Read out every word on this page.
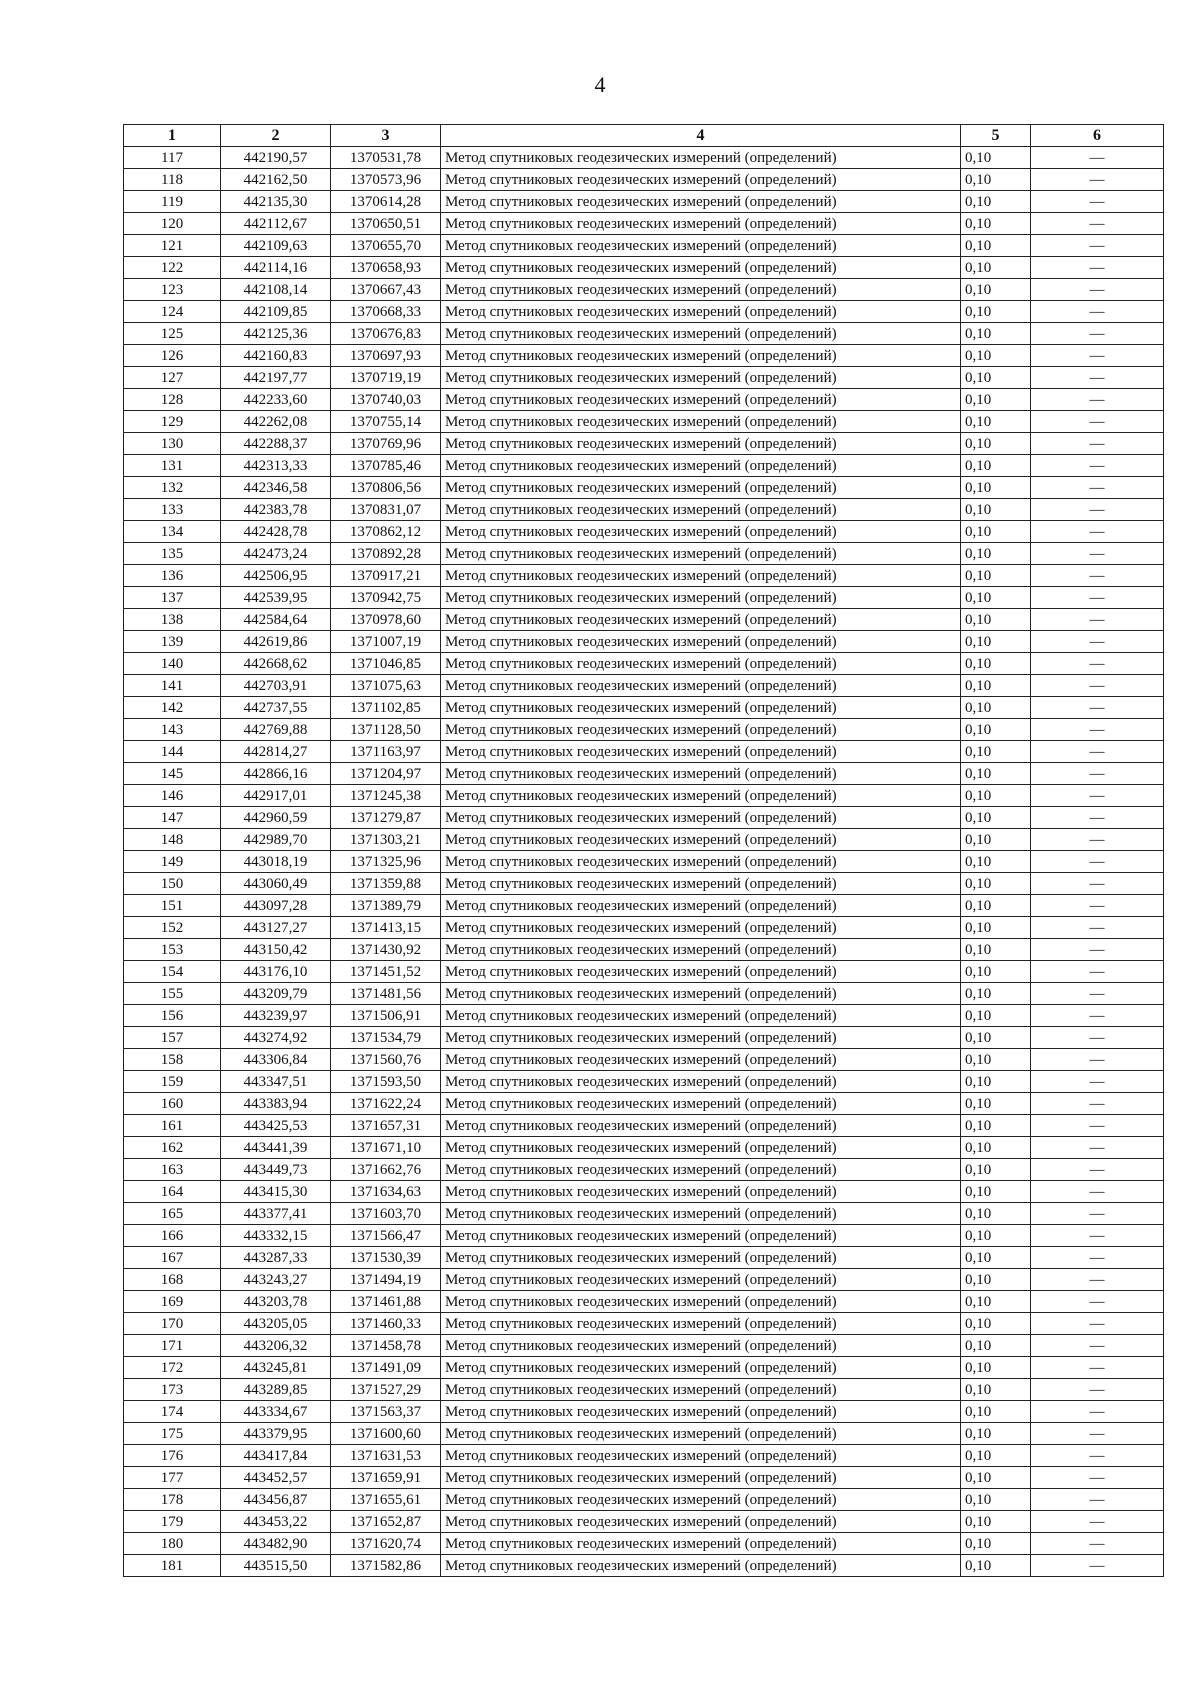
4
1	2	3	4	5	6
117	442190,57	1370531,78	Метод спутниковых геодезических измерений (определений)	0,10	—
118	442162,50	1370573,96	Метод спутниковых геодезических измерений (определений)	0,10	—
119	442135,30	1370614,28	Метод спутниковых геодезических измерений (определений)	0,10	—
120	442112,67	1370650,51	Метод спутниковых геодезических измерений (определений)	0,10	—
121	442109,63	1370655,70	Метод спутниковых геодезических измерений (определений)	0,10	—
122	442114,16	1370658,93	Метод спутниковых геодезических измерений (определений)	0,10	—
123	442108,14	1370667,43	Метод спутниковых геодезических измерений (определений)	0,10	—
124	442109,85	1370668,33	Метод спутниковых геодезических измерений (определений)	0,10	—
125	442125,36	1370676,83	Метод спутниковых геодезических измерений (определений)	0,10	—
126	442160,83	1370697,93	Метод спутниковых геодезических измерений (определений)	0,10	—
127	442197,77	1370719,19	Метод спутниковых геодезических измерений (определений)	0,10	—
128	442233,60	1370740,03	Метод спутниковых геодезических измерений (определений)	0,10	—
129	442262,08	1370755,14	Метод спутниковых геодезических измерений (определений)	0,10	—
130	442288,37	1370769,96	Метод спутниковых геодезических измерений (определений)	0,10	—
131	442313,33	1370785,46	Метод спутниковых геодезических измерений (определений)	0,10	—
132	442346,58	1370806,56	Метод спутниковых геодезических измерений (определений)	0,10	—
133	442383,78	1370831,07	Метод спутниковых геодезических измерений (определений)	0,10	—
134	442428,78	1370862,12	Метод спутниковых геодезических измерений (определений)	0,10	—
135	442473,24	1370892,28	Метод спутниковых геодезических измерений (определений)	0,10	—
136	442506,95	1370917,21	Метод спутниковых геодезических измерений (определений)	0,10	—
137	442539,95	1370942,75	Метод спутниковых геодезических измерений (определений)	0,10	—
138	442584,64	1370978,60	Метод спутниковых геодезических измерений (определений)	0,10	—
139	442619,86	1371007,19	Метод спутниковых геодезических измерений (определений)	0,10	—
140	442668,62	1371046,85	Метод спутниковых геодезических измерений (определений)	0,10	—
141	442703,91	1371075,63	Метод спутниковых геодезических измерений (определений)	0,10	—
142	442737,55	1371102,85	Метод спутниковых геодезических измерений (определений)	0,10	—
143	442769,88	1371128,50	Метод спутниковых геодезических измерений (определений)	0,10	—
144	442814,27	1371163,97	Метод спутниковых геодезических измерений (определений)	0,10	—
145	442866,16	1371204,97	Метод спутниковых геодезических измерений (определений)	0,10	—
146	442917,01	1371245,38	Метод спутниковых геодезических измерений (определений)	0,10	—
147	442960,59	1371279,87	Метод спутниковых геодезических измерений (определений)	0,10	—
148	442989,70	1371303,21	Метод спутниковых геодезических измерений (определений)	0,10	—
149	443018,19	1371325,96	Метод спутниковых геодезических измерений (определений)	0,10	—
150	443060,49	1371359,88	Метод спутниковых геодезических измерений (определений)	0,10	—
151	443097,28	1371389,79	Метод спутниковых геодезических измерений (определений)	0,10	—
152	443127,27	1371413,15	Метод спутниковых геодезических измерений (определений)	0,10	—
153	443150,42	1371430,92	Метод спутниковых геодезических измерений (определений)	0,10	—
154	443176,10	1371451,52	Метод спутниковых геодезических измерений (определений)	0,10	—
155	443209,79	1371481,56	Метод спутниковых геодезических измерений (определений)	0,10	—
156	443239,97	1371506,91	Метод спутниковых геодезических измерений (определений)	0,10	—
157	443274,92	1371534,79	Метод спутниковых геодезических измерений (определений)	0,10	—
158	443306,84	1371560,76	Метод спутниковых геодезических измерений (определений)	0,10	—
159	443347,51	1371593,50	Метод спутниковых геодезических измерений (определений)	0,10	—
160	443383,94	1371622,24	Метод спутниковых геодезических измерений (определений)	0,10	—
161	443425,53	1371657,31	Метод спутниковых геодезических измерений (определений)	0,10	—
162	443441,39	1371671,10	Метод спутниковых геодезических измерений (определений)	0,10	—
163	443449,73	1371662,76	Метод спутниковых геодезических измерений (определений)	0,10	—
164	443415,30	1371634,63	Метод спутниковых геодезических измерений (определений)	0,10	—
165	443377,41	1371603,70	Метод спутниковых геодезических измерений (определений)	0,10	—
166	443332,15	1371566,47	Метод спутниковых геодезических измерений (определений)	0,10	—
167	443287,33	1371530,39	Метод спутниковых геодезических измерений (определений)	0,10	—
168	443243,27	1371494,19	Метод спутниковых геодезических измерений (определений)	0,10	—
169	443203,78	1371461,88	Метод спутниковых геодезических измерений (определений)	0,10	—
170	443205,05	1371460,33	Метод спутниковых геодезических измерений (определений)	0,10	—
171	443206,32	1371458,78	Метод спутниковых геодезических измерений (определений)	0,10	—
172	443245,81	1371491,09	Метод спутниковых геодезических измерений (определений)	0,10	—
173	443289,85	1371527,29	Метод спутниковых геодезических измерений (определений)	0,10	—
174	443334,67	1371563,37	Метод спутниковых геодезических измерений (определений)	0,10	—
175	443379,95	1371600,60	Метод спутниковых геодезических измерений (определений)	0,10	—
176	443417,84	1371631,53	Метод спутниковых геодезических измерений (определений)	0,10	—
177	443452,57	1371659,91	Метод спутниковых геодезических измерений (определений)	0,10	—
178	443456,87	1371655,61	Метод спутниковых геодезических измерений (определений)	0,10	—
179	443453,22	1371652,87	Метод спутниковых геодезических измерений (определений)	0,10	—
180	443482,90	1371620,74	Метод спутниковых геодезических измерений (определений)	0,10	—
181	443515,50	1371582,86	Метод спутниковых геодезических измерений (определений)	0,10	—
